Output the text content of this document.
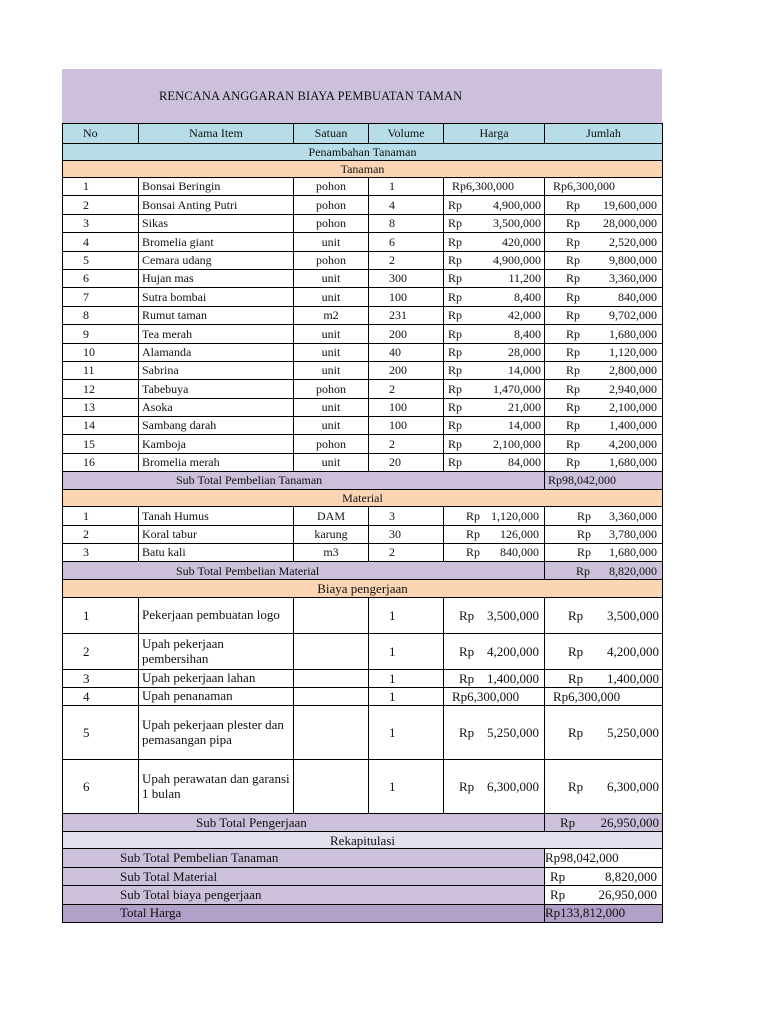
RENCANA ANGGARAN BIAYA PEMBUATAN TAMAN
No	Nama Item	Satuan	Volume	Harga	Jumlah
Penambahan Tanaman					
Tanaman					
1	Bonsai Beringin	pohon	1	Rp6,300,000	Rp6,300,000
2	Bonsai Anting Putri	pohon	4	Rp 4,900,000	Rp 19,600,000

3	Sikas	pohon	8	Rp 3,500,000	Rp 28,000,000

4	Bromelia giant	unit	6	Rp 420,000	Rp 2,520,000

5	Cemara udang	pohon	2	Rp 4,900,000	Rp 9,800,000

6	Hujan mas	unit	300	Rp 11,200	Rp 3,360,000

7	Sutra bombai	unit	100	Rp 8,400	Rp 840,000

8	Rumut taman	m2	231	Rp 42,000	Rp 9,702,000

9	Tea merah	unit	200	Rp 8,400	Rp 1,680,000

10	Alamanda	unit	40	Rp 28,000	Rp 1,120,000

11	Sabrina	unit	200	Rp 14,000	Rp 2,800,000

12	Tabebuya	pohon	2	Rp 1,470,000	Rp 2,940,000

13	Asoka	unit	100	Rp 21,000	Rp 2,100,000

14	Sambang darah	unit	100	Rp 14,000	Rp 1,400,000

15	Kamboja	pohon	2	Rp 2,100,000	Rp 4,200,000

16	Bromelia merah	unit	20	Rp 84,000	Rp 1,680,000

Sub Total Pembelian Tanaman					Rp98,042,000
Material					
1	Tanah Humus	DAM	3	Rp 1,120,000	Rp 3,360,000

2	Koral tabur	karung	30	Rp 126,000	Rp 3,780,000

3	Batu kali	m3	2	Rp 840,000	Rp 1,680,000

Sub Total Pembelian Material					Rp 8,820,000

Biaya pengerjaan					
1	Pekerjaan pembuatan logo		1	Rp 3,500,000	Rp 3,500,000

2	Upah pekerjaan pembersihan		1	Rp 4,200,000	Rp 4,200,000

3	Upah pekerjaan lahan		1	Rp 1,400,000	Rp 1,400,000

4	Upah penanaman		1	Rp6,300,000	Rp6,300,000
5	Upah pekerjaan plester dan pemasangan pipa		1	Rp 5,250,000	Rp 5,250,000

6	Upah perawatan dan garansi 1 bulan		1	Rp 6,300,000	Rp 6,300,000

Sub Total Pengerjaan					Rp 26,950,000

Rekapitulasi					
Sub Total Pembelian Tanaman					Rp98,042,000
Sub Total Material					Rp 8,820,000

Sub Total biaya pengerjaan					Rp 26,950,000

Total Harga					Rp133,812,000
